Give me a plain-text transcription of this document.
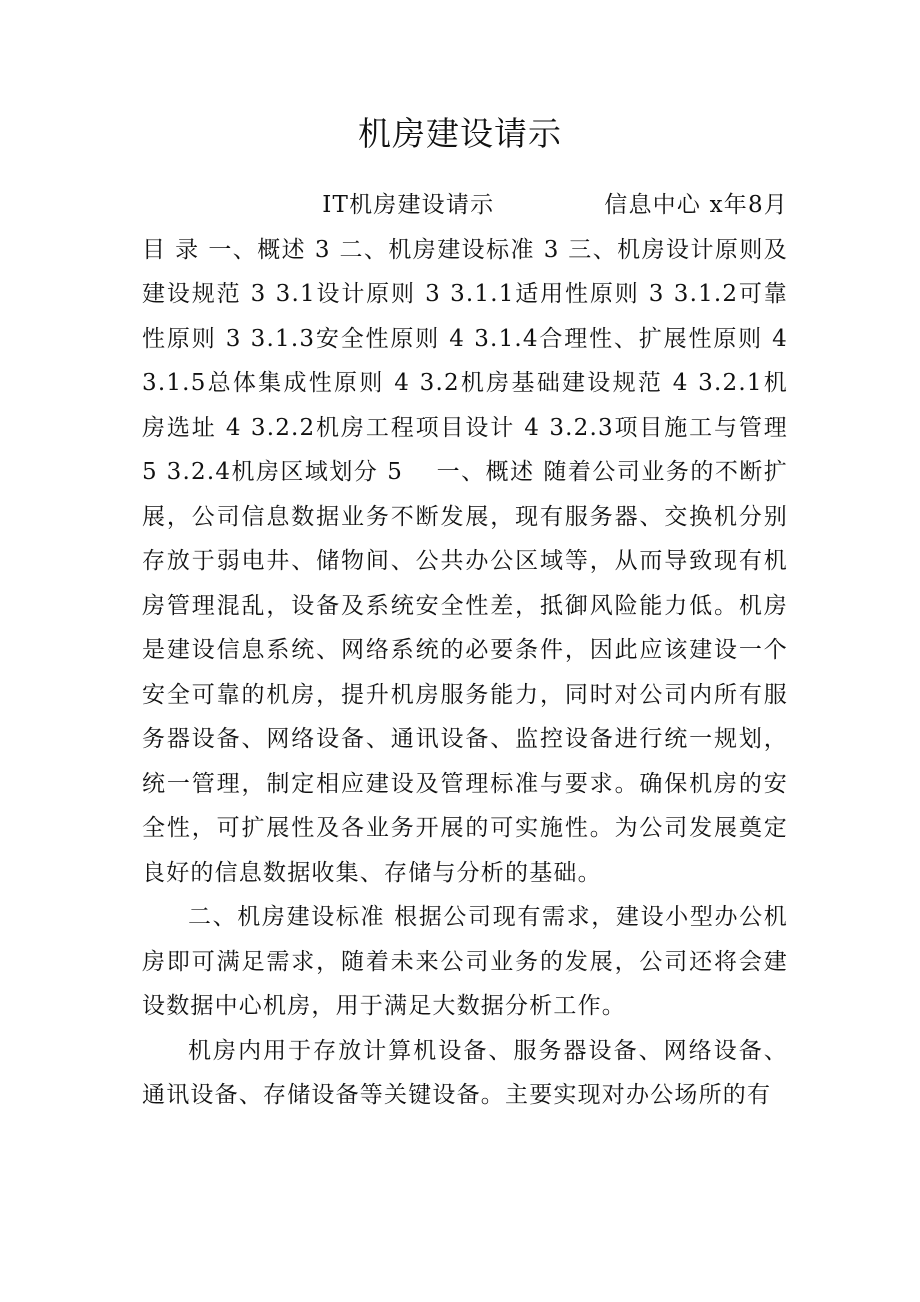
机房建设请示
IT机房建设请示	信息中心 x年8月

目 录 一、概述 3 二、机房建设标准 3 三、机房设计原则及建设规范 3 3.1设计原则 3 3.1.1适用性原则 3 3.1.2可靠性原则 3 3.1.3安全性原则 4 3.1.4合理性、扩展性原则 4 3.1.5总体集成性原则 4 3.2机房基础建设规范 4 3.2.1机房选址 4 3.2.2机房工程项目设计 4 3.2.3项目施工与管理 5 3.2.4机房区域划分 5　 一、概述 随着公司业务的不断扩展，公司信息数据业务不断发展，现有服务器、交换机分别存放于弱电井、储物间、公共办公区域等，从而导致现有机房管理混乱，设备及系统安全性差，抵御风险能力低。机房是建设信息系统、网络系统的必要条件，因此应该建设一个安全可靠的机房，提升机房服务能力，同时对公司内所有服务器设备、网络设备、通讯设备、监控设备进行统一规划，统一管理，制定相应建设及管理标准与要求。确保机房的安全性，可扩展性及各业务开展的可实施性。为公司发展奠定良好的信息数据收集、存储与分析的基础。

二、机房建设标准 根据公司现有需求，建设小型办公机房即可满足需求，随着未来公司业务的发展，公司还将会建设数据中心机房，用于满足大数据分析工作。

机房内用于存放计算机设备、服务器设备、网络设备、通讯设备、存储设备等关键设备。主要实现对办公场所的有
